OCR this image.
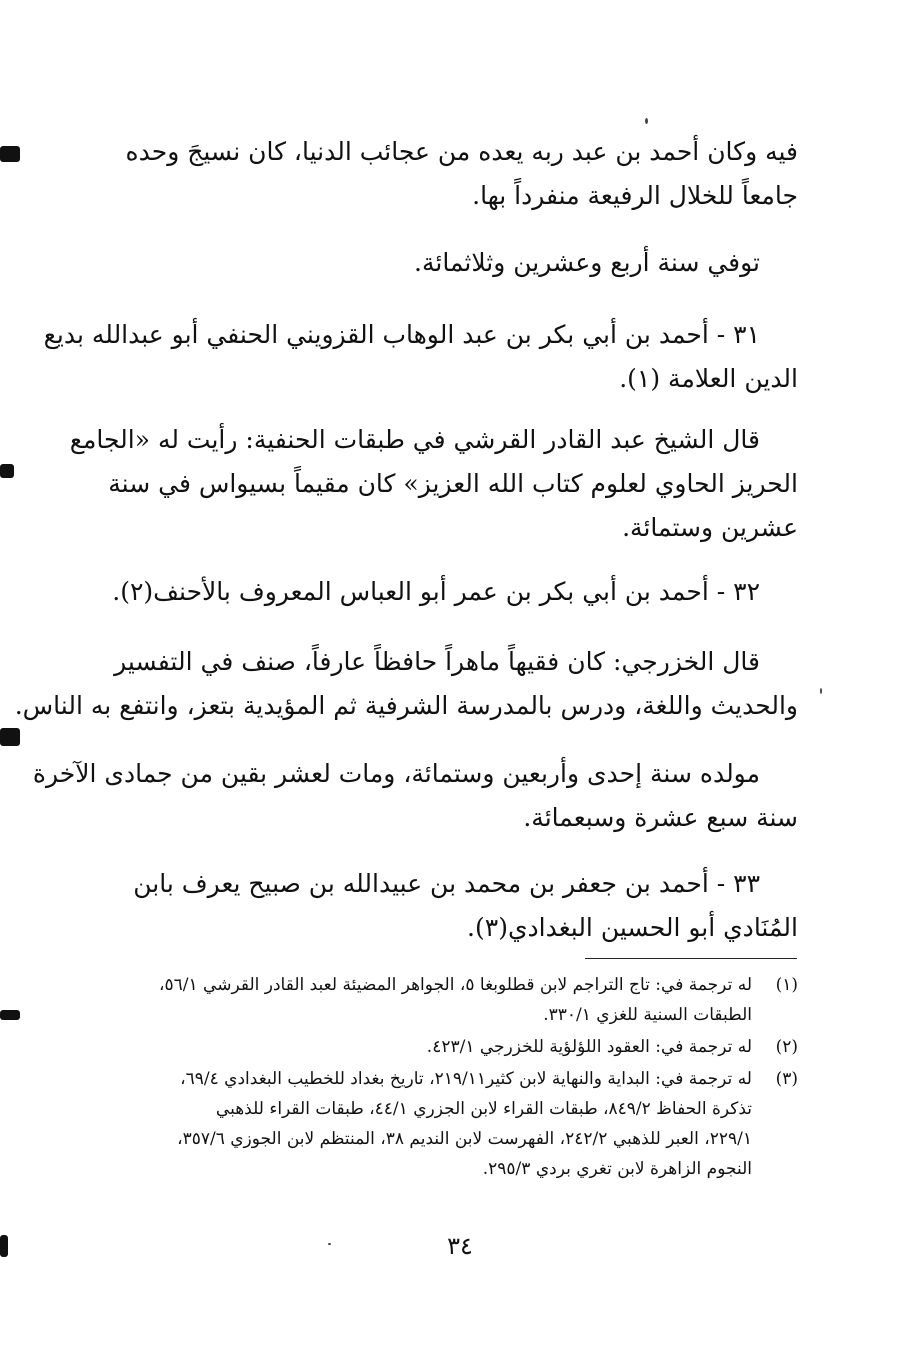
فيه وكان أحمد بن عبد ربه يعده من عجائب الدنيا، كان نسيجَ وحده
جامعاً للخلال الرفيعة منفرداً بها.
توفي سنة أربع وعشرين وثلاثمائة.
٣١ - أحمد بن أبي بكر بن عبد الوهاب القزويني الحنفي أبو عبدالله بديع
الدين العلامة (١).
قال الشيخ عبد القادر القرشي في طبقات الحنفية: رأيت له «الجامع
الحريز الحاوي لعلوم كتاب الله العزيز» كان مقيماً بسيواس في سنة
عشرين وستمائة.
٣٢ - أحمد بن أبي بكر بن عمر أبو العباس المعروف بالأحنف(٢).
قال الخزرجي: كان فقيهاً ماهراً حافظاً عارفاً، صنف في التفسير
والحديث واللغة، ودرس بالمدرسة الشرفية ثم المؤيدية بتعز، وانتفع به الناس.
مولده سنة إحدى وأربعين وستمائة، ومات لعشر بقين من جمادى الآخرة
سنة سبع عشرة وسبعمائة.
٣٣ - أحمد بن جعفر بن محمد بن عبيدالله بن صبيح يعرف بابن
المُنَادي أبو الحسين البغدادي(٣).
(١)
له ترجمة في: تاج التراجم لابن قطلوبغا ٥، الجواهر المضيئة لعبد القادر القرشي ٥٦/١،
الطبقات السنية للغزي ٣٣٠/١.
(٢)
له ترجمة في: العقود اللؤلؤية للخزرجي ٤٢٣/١.
(٣)
له ترجمة في: البداية والنهاية لابن كثير٢١٩/١١، تاريخ بغداد للخطيب البغدادي ٦٩/٤،
تذكرة الحفاظ ٨٤٩/٢، طبقات القراء لابن الجزري ٤٤/١، طبقات القراء للذهبي
٢٢٩/١، العبر للذهبي ٢٤٢/٢، الفهرست لابن النديم ٣٨، المنتظم لابن الجوزي ٣٥٧/٦،
النجوم الزاهرة لابن تغري بردي ٢٩٥/٣.
٣٤
